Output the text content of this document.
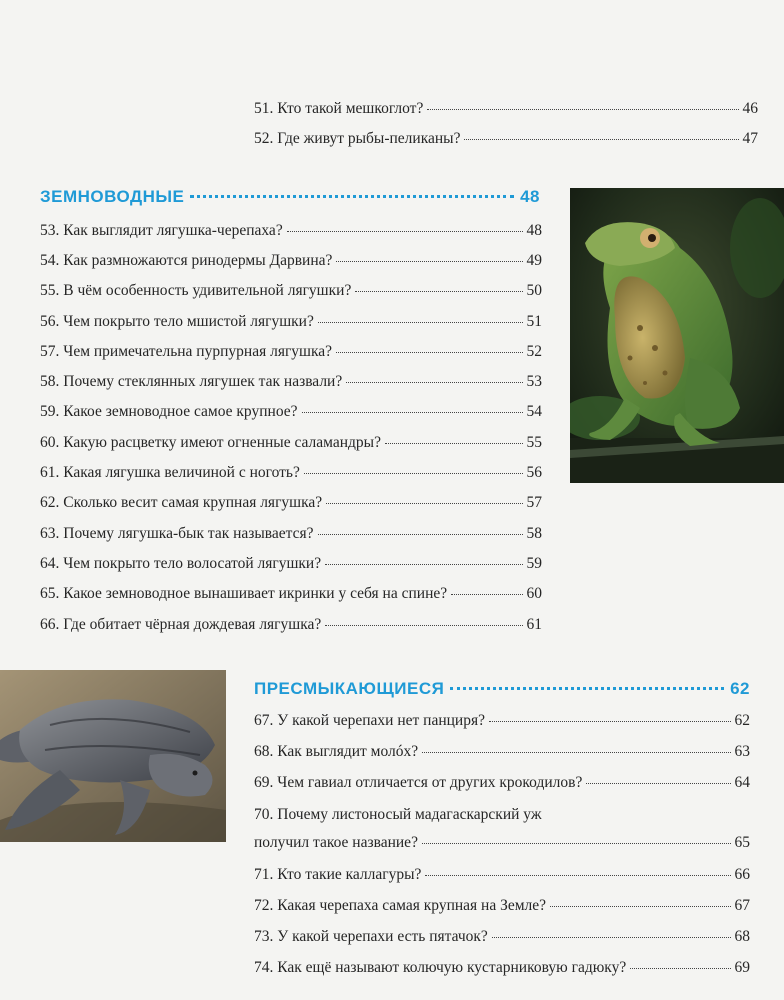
51. Кто такой мешкоглот?	46
52. Где живут рыбы-пеликаны?	47
ЗЕМНОВОДНЫЕ	48
53. Как выглядит лягушка-черепаха?	48
54. Как размножаются ринодермы Дарвина?	49
55. В чём особенность удивительной лягушки?	50
56. Чем покрыто тело мшистой лягушки?	51
57. Чем примечательна пурпурная лягушка?	52
58. Почему стеклянных лягушек так назвали?	53
59. Какое земноводное самое крупное?	54
60. Какую расцветку имеют огненные саламандры?	55
61. Какая лягушка величиной с ноготь?	56
62. Сколько весит самая крупная лягушка?	57
63. Почему лягушка-бык так называется?	58
64. Чем покрыто тело волосатой лягушки?	59
65. Какое земноводное вынашивает икринки у себя на спине?	60
66. Где обитает чёрная дождевая лягушка?	61
ПРЕСМЫКАЮЩИЕСЯ	62
67. У какой черепахи нет панциря?	62
68. Как выглядит молóх?	63
69. Чем гавиал отличается от других крокодилов?	64
70. Почему листоносый мадагаскарский уж
получил такое название?	65
71. Кто такие каллагуры?	66
72. Какая черепаха самая крупная на Земле?	67
73. У какой черепахи есть пятачок?	68
74. Как ещё называют колючую кустарниковую гадюку?	69
